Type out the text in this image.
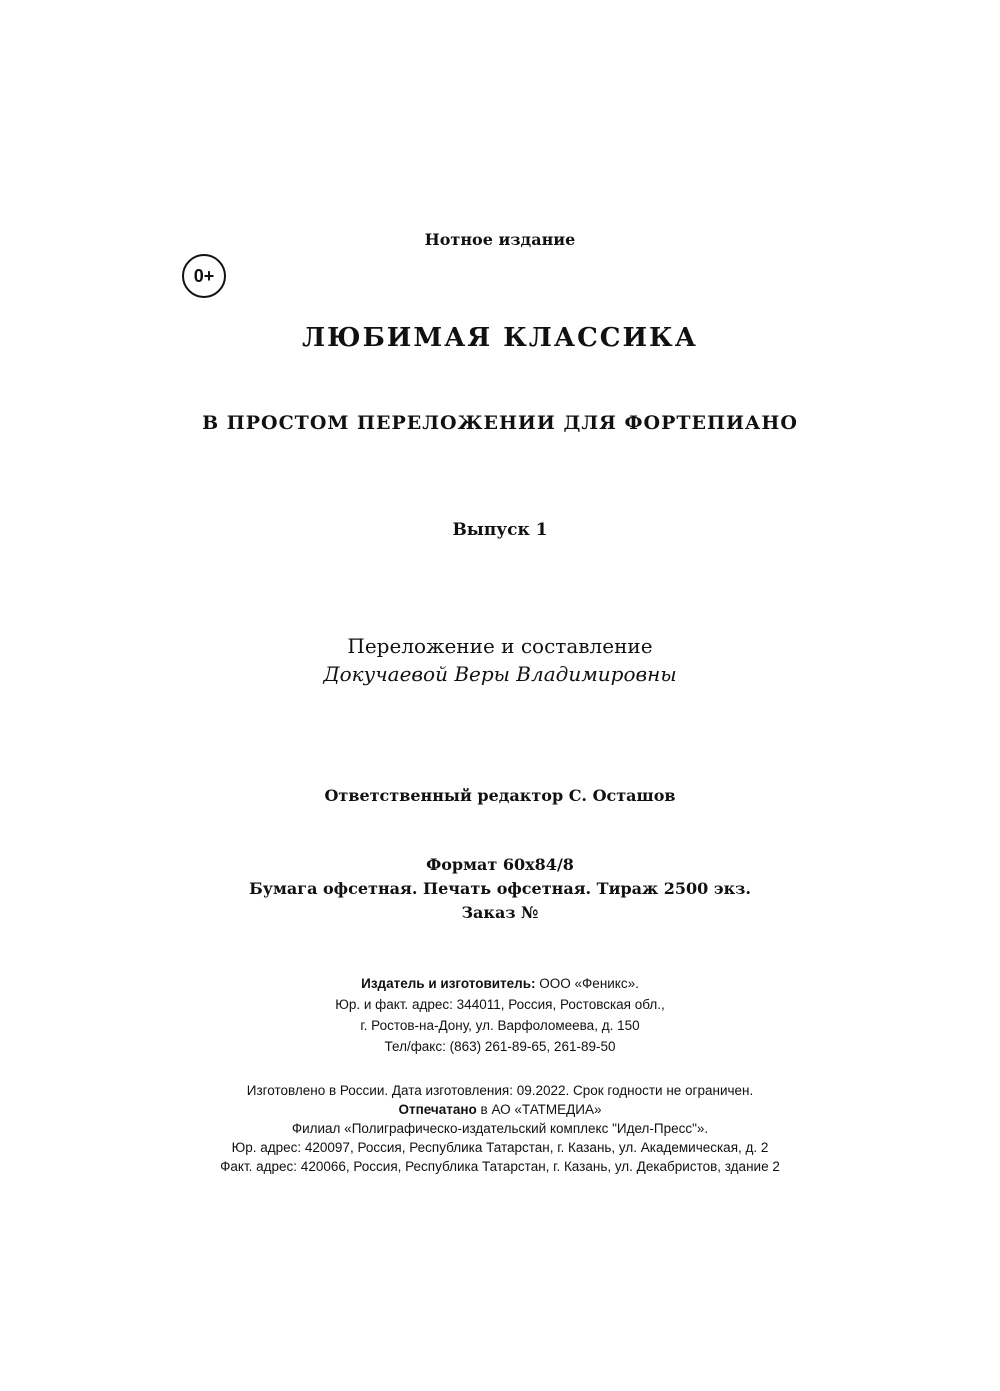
Нотное издание
0+
ЛЮБИМАЯ КЛАССИКА
В ПРОСТОМ ПЕРЕЛОЖЕНИИ ДЛЯ ФОРТЕПИАНО
Выпуск 1
Переложение и составление
Докучаевой Веры Владимировны
Ответственный редактор С. Осташов
Формат 60х84/8
Бумага офсетная. Печать офсетная. Тираж 2500 экз.
Заказ №
Издатель и изготовитель: ООО «Феникс».
Юр. и факт. адрес: 344011, Россия, Ростовская обл.,
г. Ростов-на-Дону, ул. Варфоломеева, д. 150
Тел/факс: (863) 261-89-65, 261-89-50
Изготовлено в России. Дата изготовления: 09.2022. Срок годности не ограничен.
Отпечатано в АО «ТАТМЕДИА»
Филиал «Полиграфическо-издательский комплекс "Идел-Пресс"».
Юр. адрес: 420097, Россия, Республика Татарстан, г. Казань, ул. Академическая, д. 2
Факт. адрес: 420066, Россия, Республика Татарстан, г. Казань, ул. Декабристов, здание 2
